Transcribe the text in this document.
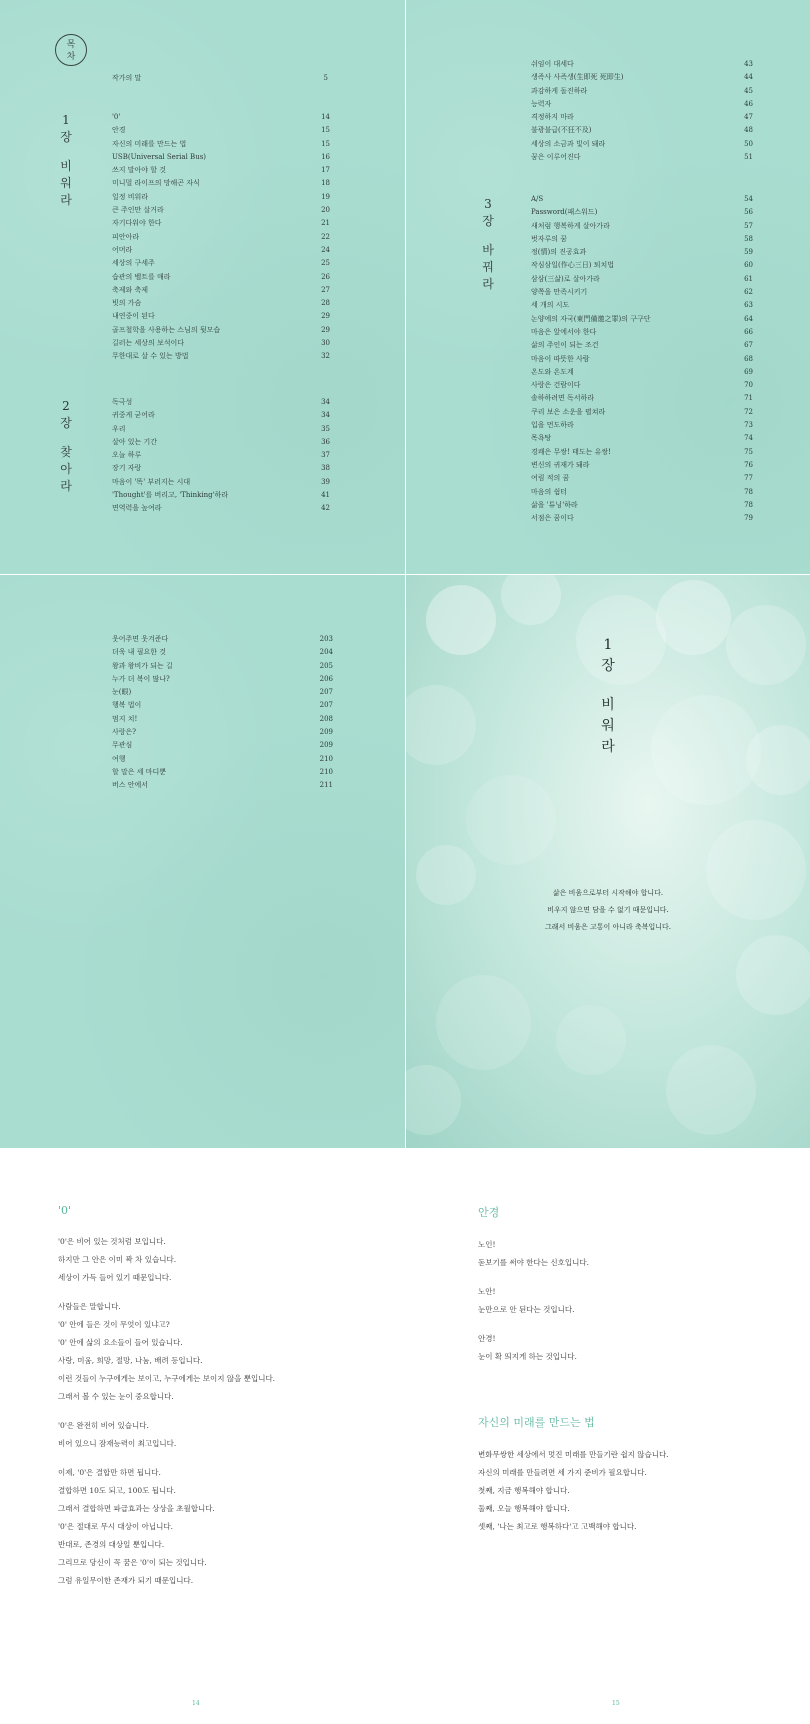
목
차
1
장
비
워
라
2
장
찾
아
라
작가의 말	5
'0'	14
안경	15
자신의 미래를 만드는 법	15
USB(Universal Serial Bus)	16
쓰지 말아야 할 것	17
미니멀 라이프의 망해곤 자식	18
일정 비워라	19
큰 주인만 살거라	20
자기다워야 한다	21
피안아라	22
어머라	24
세상의 구세주	25
습관의 벨트를 매라	26
축제와 축제	27
빗의 가슴	28
내연중이 된다	29
골프철학을 사용하는 스님의 뒷모습	29
길러는 세상의 보석이다	30
무한대로 살 수 있는 방법	32
독극성	34
귀중게 굳어라	34
우리	35
살아 있는 기간	36
오늘 하루	37
장기 자랑	38
마음이 '똑' 부러지는 시대	39
'Thought'를 버리고, 'Thinking'하라	41
면역력을 높여라	42
3
장
바
꿔
라
쉬임이 대세다	43
생즉사 사즉생(生即死 死即生)	44
과감하게 돌진하라	45
능력자	46
격정하지 마라	47
불광불급(不狂不及)	48
세상의 소금과 빛이 돼라	50
꿈은 이루어진다	51
A/S	54
Password(패스워드)	56
새처럼 행복하게 살아가라	57
벗자루의 꿈	58
정(情)의 진공효과	59
작심삼일(作心三日) 퇴치법	60
삼삼(三삶)로 살아가라	61
양쪽을 만족시키기	62
세 개의 시도	63
논양에의 자국(東門備邀之罪)의 구구단	64
마음은 앞에서야 한다	66
삶의 주인이 되는 조건	67
마음이 따뜻한 사람	68
온도와 온도계	69
사랑은 건람이다	70
솔하하려면 독서하라	71
쿠리 보은 소운을 펼쳐라	72
입을 먼도하라	73
목욕탕	74
경쾌은 무쌍! 태도는 유쌍!	75
변신의 귀재가 돼라	76
여림 적의 꿈	77
마음의 쉼터	78
삶을 '튜닝'하라	78
서점은 꿈이다	79
웃어주면 웃겨준다	203
더욱 내 필요한 것	204
왕과 왕비가 되는 길	205
누가 더 복이 많나?	206
눈(眼)	207
행복 법이	207
멈지 치!	208
사랑은?	209
무관심	209
여행	210
할 말은 세 마디뿐	210
버스 안에서	211
1
장
비
워
라
삶은 비움으로부터 시작해야 합니다.
비우지 않으면 담을 수 없기 때문입니다.
그래서 비움은 고통이 아니라 축복입니다.
'0'
'0'은 비어 있는 것처럼 보입니다.
하지만 그 안은 이미 꽉 차 있습니다.
세상이 가득 들어 있기 때문입니다.
사람들은 말합니다.
'0' 안에 들은 것이 무엇이 있냐고?
'0' 안에 삶의 요소들이 들어 있습니다.
사랑, 미움, 희망, 절망, 나눔, 배려 등입니다.
이런 것들이 누구에게는 보이고, 누구에게는 보이지 않을 뿐입니다.
그래서 볼 수 있는 눈이 중요합니다.
'0'은 완전히 비어 있습니다.
비어 있으니 잠재능력이 최고입니다.
이제, '0'은 결합만 하면 됩니다.
결합하면 10도 되고, 100도 됩니다.
그래서 결합하면 파급효과는 상상을 초월합니다.
'0'은 절대로 무시 대상이 아닙니다.
반대로, 존경의 대상일 뿐입니다.
그리므로 당신이 꼭 꿈은 '0'이 되는 것입니다.
그럼 유일무이한 존재가 되기 때문입니다.
14
안경
노인!
돋보기를 써야 한다는 신호입니다.
노안!
눈만으로 안 된다는 것입니다.
안경!
눈이 확 띄지게 하는 것입니다.
자신의 미래를 만드는 법
변화무쌍한 세상에서 멋진 미래를 만들기란 쉽지 않습니다.
자신의 미래를 만들려면 세 가지 준비가 필요합니다.
첫째, 지금 행복해야 합니다.
둘째, 오늘 행복해야 합니다.
셋째, '나는 최고로 행복하다'고 고백해야 합니다.
15
